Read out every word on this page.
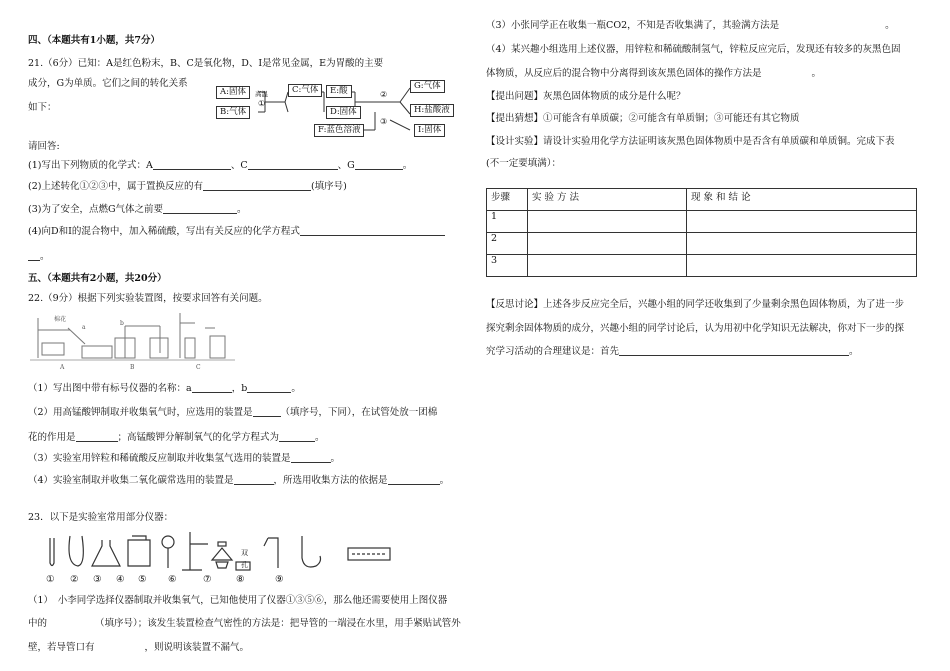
四、（本题共有1小题，共7分）
21.（6分）已知：A是红色粉末，B、C是氧化物，D、I是常见金属，E为胃酸的主要
成分，G为单质。它们之间的转化关系
如下：
A:固体
B:气体
高温
①
C:气体	E:酸
D:固体
②
G:气体
H:盐酸液
F:蓝色溶液
③
I:固体
请回答:
(1)写出下列物质的化学式：A	、C	、G	。
(2)上述转化①②③中，属于置换反应的有	(填序号)
(3)为了安全，点燃G气体之前要	。
(4)向D和I的混合物中，加入稀硫酸，写出有关反应的化学方程式
。
五、（本题共有2小题，共20分）
22.（9分）根据下列实验装置图，按要求回答有关问题。
棉花
a
b
A	B	C
（1）写出图中带有标号仪器的名称：a	，b	。
（2）用高锰酸钾制取并收集氧气时，应选用的装置是	（填序号，下同），在试管处放一团棉
花的作用是	；高锰酸钾分解制氧气的化学方程式为	。
（3）实验室用锌粒和稀硫酸反应制取并收集氢气选用的装置是	。
（4）实验室制取并收集二氧化碳常选用的装置是	，所选用收集方法的依据是	。
23．以下是实验室常用部分仪器：
双
孔
① ② ③ ④ ⑤ ⑥	⑦	⑧	⑨
（1）　小李同学选择仪器制取并收集氧气，已知他使用了仪器①③⑤⑥，那么他还需要使用上图仪器
中的	（填序号）；该发生装置检查气密性的方法是：把导管的一端浸在水里，用手紧贴试管外
壁，若导管口有	，则说明该装置不漏气。
（3）小张同学正在收集一瓶CO2，不知是否收集满了，其验满方法是	。
（4）某兴趣小组选用上述仪器，用锌粒和稀硫酸制氢气，锌粒反应完后，发现还有较多的灰黑色固
体物质，从反应后的混合物中分离得到该灰黑色固体的操作方法是	。
【提出问题】灰黑色固体物质的成分是什么呢？
【提出猜想】①可能含有单质碳；②可能含有单质铜；③可能还有其它物质
【设计实验】请设计实验用化学方法证明该灰黑色固体物质中是否含有单质碳和单质铜。完成下表
(不一定要填满）：
步骤	实 验 方 法	现 象 和 结 论
1		
2		
3		
【反思讨论】上述各步反应完全后，兴趣小组的同学还收集到了少量剩余黑色固体物质，为了进一步
探究剩余固体物质的成分，兴趣小组的同学讨论后，认为用初中化学知识无法解决，你对下一步的探
究学习活动的合理建议是：首先	。
